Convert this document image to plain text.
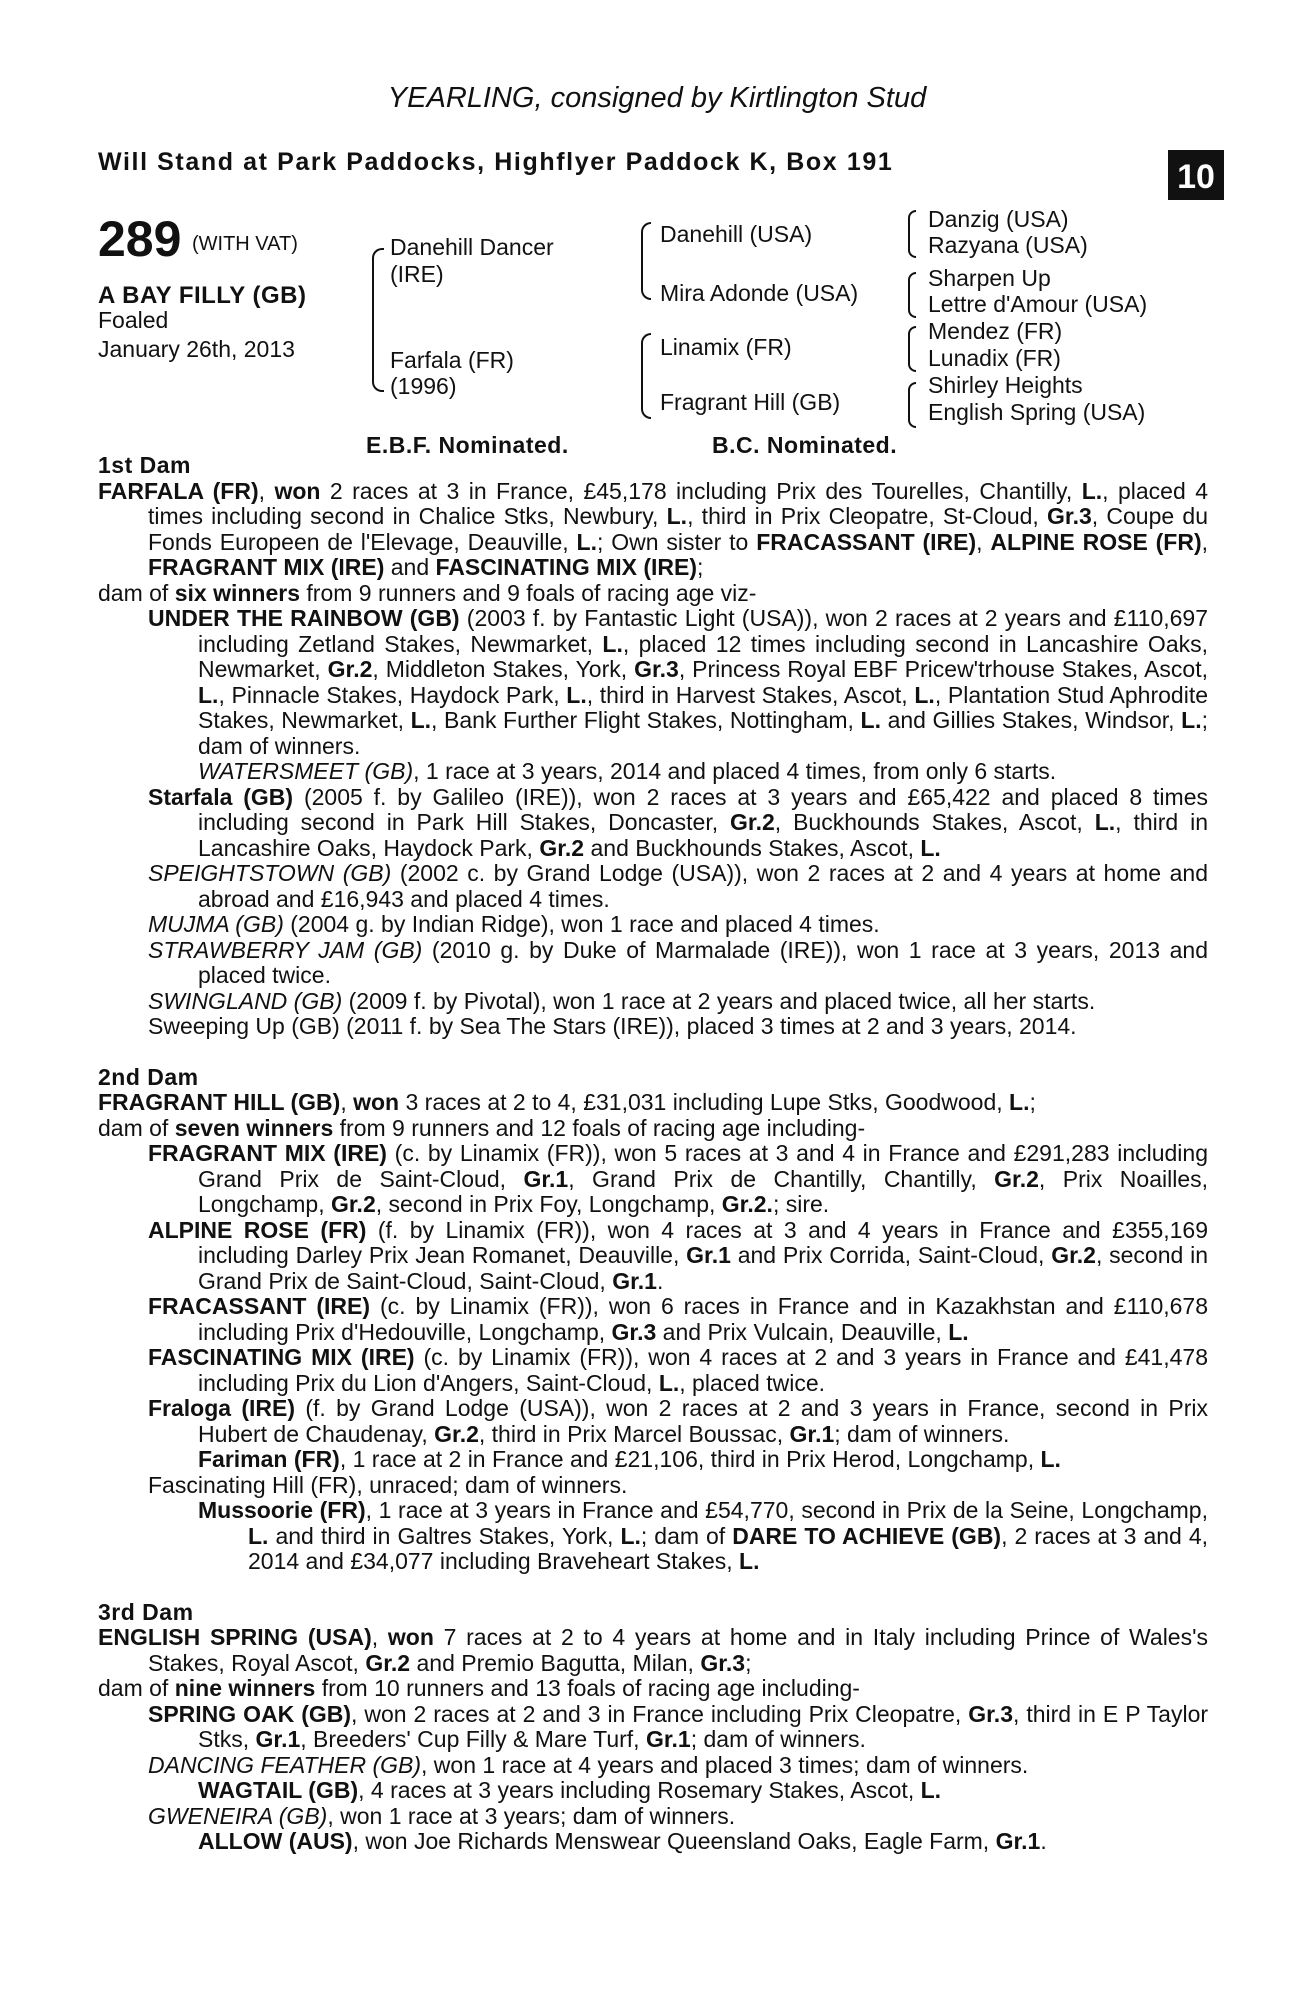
YEARLING, consigned by Kirtlington Stud
Will Stand at Park Paddocks, Highflyer Paddock K, Box 191
+
10
289 (WITH VAT)
A BAY FILLY (GB)
Foaled
January 26th, 2013
Danehill Dancer
(IRE)
Farfala (FR)
(1996)
Danehill (USA)
Mira Adonde (USA)
Linamix (FR)
Fragrant Hill (GB)
Danzig (USA)
Razyana (USA)
Sharpen Up
Lettre d'Amour (USA)
Mendez (FR)
Lunadix (FR)
Shirley Heights
English Spring (USA)
E.B.F. Nominated.	B.C. Nominated.

1st Dam

FARFALA (FR), won 2 races at 3 in France, £45,178 including Prix des Tourelles, Chantilly, L., placed 4 times including second in Chalice Stks, Newbury, L., third in Prix Cleopatre, St-Cloud, Gr.3, Coupe du Fonds Europeen de l'Elevage, Deauville, L.; Own sister to FRACASSANT (IRE), ALPINE ROSE (FR), FRAGRANT MIX (IRE) and FASCINATING MIX (IRE);

dam of six winners from 9 runners and 9 foals of racing age viz-

UNDER THE RAINBOW (GB) (2003 f. by Fantastic Light (USA)), won 2 races at 2 years and £110,697 including Zetland Stakes, Newmarket, L., placed 12 times including second in Lancashire Oaks, Newmarket, Gr.2, Middleton Stakes, York, Gr.3, Princess Royal EBF Pricew'trhouse Stakes, Ascot, L., Pinnacle Stakes, Haydock Park, L., third in Harvest Stakes, Ascot, L., Plantation Stud Aphrodite Stakes, Newmarket, L., Bank Further Flight Stakes, Nottingham, L. and Gillies Stakes, Windsor, L.; dam of winners.

WATERSMEET (GB), 1 race at 3 years, 2014 and placed 4 times, from only 6 starts.

Starfala (GB) (2005 f. by Galileo (IRE)), won 2 races at 3 years and £65,422 and placed 8 times including second in Park Hill Stakes, Doncaster, Gr.2, Buckhounds Stakes, Ascot, L., third in Lancashire Oaks, Haydock Park, Gr.2 and Buckhounds Stakes, Ascot, L.

SPEIGHTSTOWN (GB) (2002 c. by Grand Lodge (USA)), won 2 races at 2 and 4 years at home and abroad and £16,943 and placed 4 times.

MUJMA (GB) (2004 g. by Indian Ridge), won 1 race and placed 4 times.

STRAWBERRY JAM (GB) (2010 g. by Duke of Marmalade (IRE)), won 1 race at 3 years, 2013 and placed twice.

SWINGLAND (GB) (2009 f. by Pivotal), won 1 race at 2 years and placed twice, all her starts.

Sweeping Up (GB) (2011 f. by Sea The Stars (IRE)), placed 3 times at 2 and 3 years, 2014.

2nd Dam

FRAGRANT HILL (GB), won 3 races at 2 to 4, £31,031 including Lupe Stks, Goodwood, L.;

dam of seven winners from 9 runners and 12 foals of racing age including-

FRAGRANT MIX (IRE) (c. by Linamix (FR)), won 5 races at 3 and 4 in France and £291,283 including Grand Prix de Saint-Cloud, Gr.1, Grand Prix de Chantilly, Chantilly, Gr.2, Prix Noailles, Longchamp, Gr.2, second in Prix Foy, Longchamp, Gr.2.; sire.

ALPINE ROSE (FR) (f. by Linamix (FR)), won 4 races at 3 and 4 years in France and £355,169 including Darley Prix Jean Romanet, Deauville, Gr.1 and Prix Corrida, Saint-Cloud, Gr.2, second in Grand Prix de Saint-Cloud, Saint-Cloud, Gr.1.

FRACASSANT (IRE) (c. by Linamix (FR)), won 6 races in France and in Kazakhstan and £110,678 including Prix d'Hedouville, Longchamp, Gr.3 and Prix Vulcain, Deauville, L.

FASCINATING MIX (IRE) (c. by Linamix (FR)), won 4 races at 2 and 3 years in France and £41,478 including Prix du Lion d'Angers, Saint-Cloud, L., placed twice.

Fraloga (IRE) (f. by Grand Lodge (USA)), won 2 races at 2 and 3 years in France, second in Prix Hubert de Chaudenay, Gr.2, third in Prix Marcel Boussac, Gr.1; dam of winners.

Fariman (FR), 1 race at 2 in France and £21,106, third in Prix Herod, Longchamp, L.

Fascinating Hill (FR), unraced; dam of winners.

Mussoorie (FR), 1 race at 3 years in France and £54,770, second in Prix de la Seine, Longchamp, L. and third in Galtres Stakes, York, L.; dam of DARE TO ACHIEVE (GB), 2 races at 3 and 4, 2014 and £34,077 including Braveheart Stakes, L.

3rd Dam

ENGLISH SPRING (USA), won 7 races at 2 to 4 years at home and in Italy including Prince of Wales's Stakes, Royal Ascot, Gr.2 and Premio Bagutta, Milan, Gr.3;

dam of nine winners from 10 runners and 13 foals of racing age including-

SPRING OAK (GB), won 2 races at 2 and 3 in France including Prix Cleopatre, Gr.3, third in E P Taylor Stks, Gr.1, Breeders' Cup Filly & Mare Turf, Gr.1; dam of winners.

DANCING FEATHER (GB), won 1 race at 4 years and placed 3 times; dam of winners.

WAGTAIL (GB), 4 races at 3 years including Rosemary Stakes, Ascot, L.

GWENEIRA (GB), won 1 race at 3 years; dam of winners.

ALLOW (AUS), won Joe Richards Menswear Queensland Oaks, Eagle Farm, Gr.1.
